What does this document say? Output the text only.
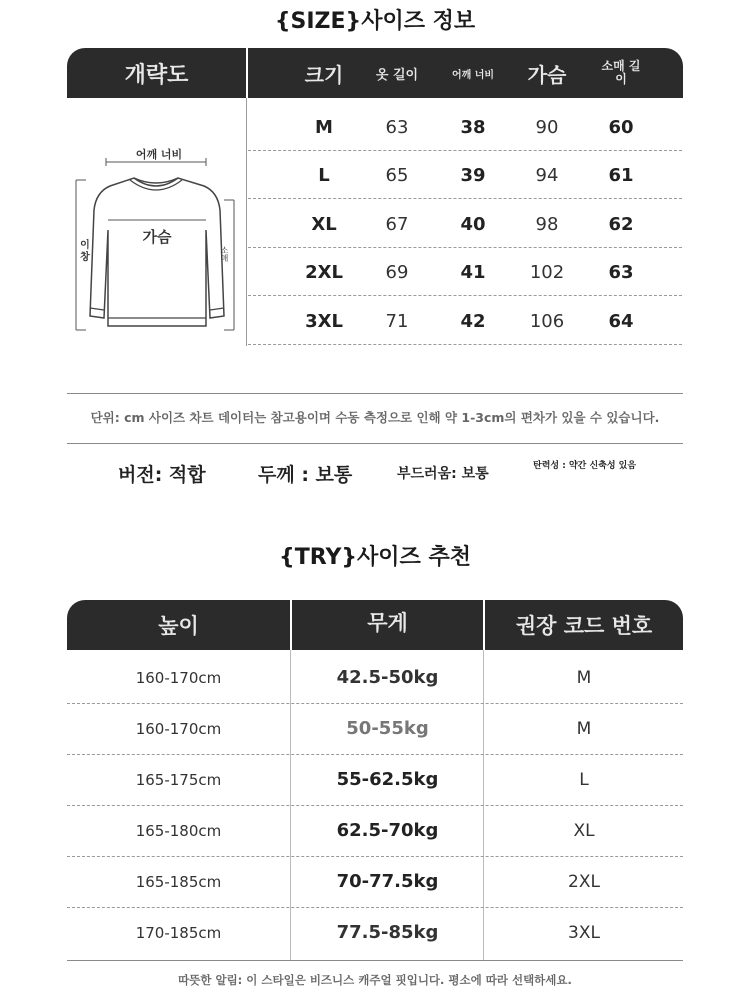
{SIZE}사이즈 정보
개략도	크기	옷 길이	어깨 너비	가슴	소매 길이
어깨 너비
가슴
이 창	소매
M	63	38	90	60
L	65	39	94	61
XL	67	40	98	62
2XL	69	41	102	63
3XL	71	42	106	64
단위: cm 사이즈 차트 데이터는 참고용이며 수동 측정으로 인해 약 1-3cm의 편차가 있을 수 있습니다.
버전: 적합	두께 : 보통	부드러움: 보통	탄력성 : 약간 신축성 있음
{TRY}사이즈 추천
높이	무게	권장 코드 번호
160-170cm	42.5-50kg	M
160-170cm	50-55kg	M
165-175cm	55-62.5kg	L
165-180cm	62.5-70kg	XL
165-185cm	70-77.5kg	2XL
170-185cm	77.5-85kg	3XL
따뜻한 알림: 이 스타일은 비즈니스 캐주얼 핏입니다. 평소에 따라 선택하세요.
